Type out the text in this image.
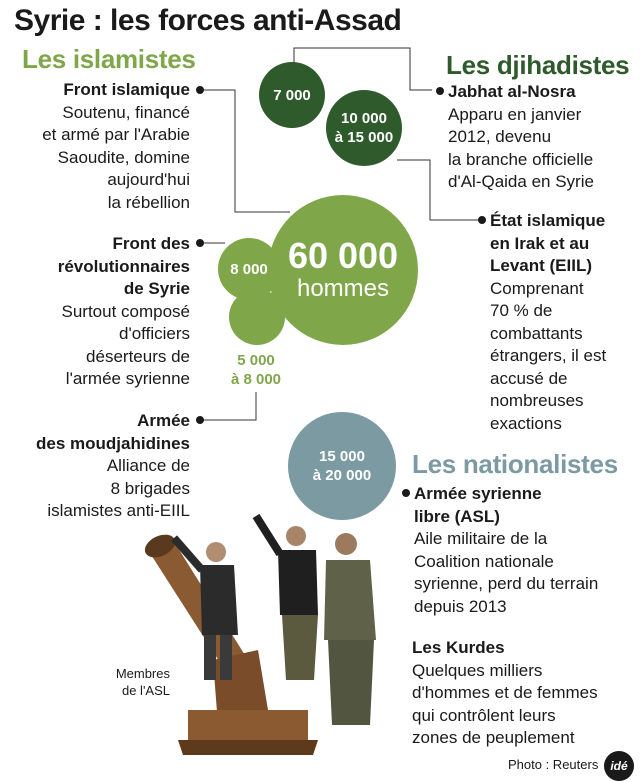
Syrie : les forces anti-Assad
Les islamistes
Front islamique
Soutenu, financé
et armé par l'Arabie
Saoudite, domine
aujourd'hui
la rébellion
Front des
révolutionnaires
de Syrie
Surtout composé
d'officiers
déserteurs de
l'armée syrienne
Armée
des moudjahidines
Alliance de
8 brigades
islamistes anti-EIIL
60 000
hommes
8 000
5 000
à 8 000
Les djihadistes
7 000
10 000
à 15 000
Jabhat al-Nosra
Apparu en janvier
2012, devenu
la branche officielle
d'Al-Qaida en Syrie
État islamique
en Irak et au
Levant (EIIL)
Comprenant
70 % de
combattants
étrangers, il est
accusé de
nombreuses
exactions
15 000
à 20 000 Les nationalistes
Armée syrienne
libre (ASL)
Aile militaire de la
Coalition nationale
syrienne, perd du terrain
depuis 2013
Les Kurdes
Quelques milliers
d'hommes et de femmes
qui contrôlent leurs
zones de peuplement
Membres
de l'ASL
Photo : Reuters	idé
